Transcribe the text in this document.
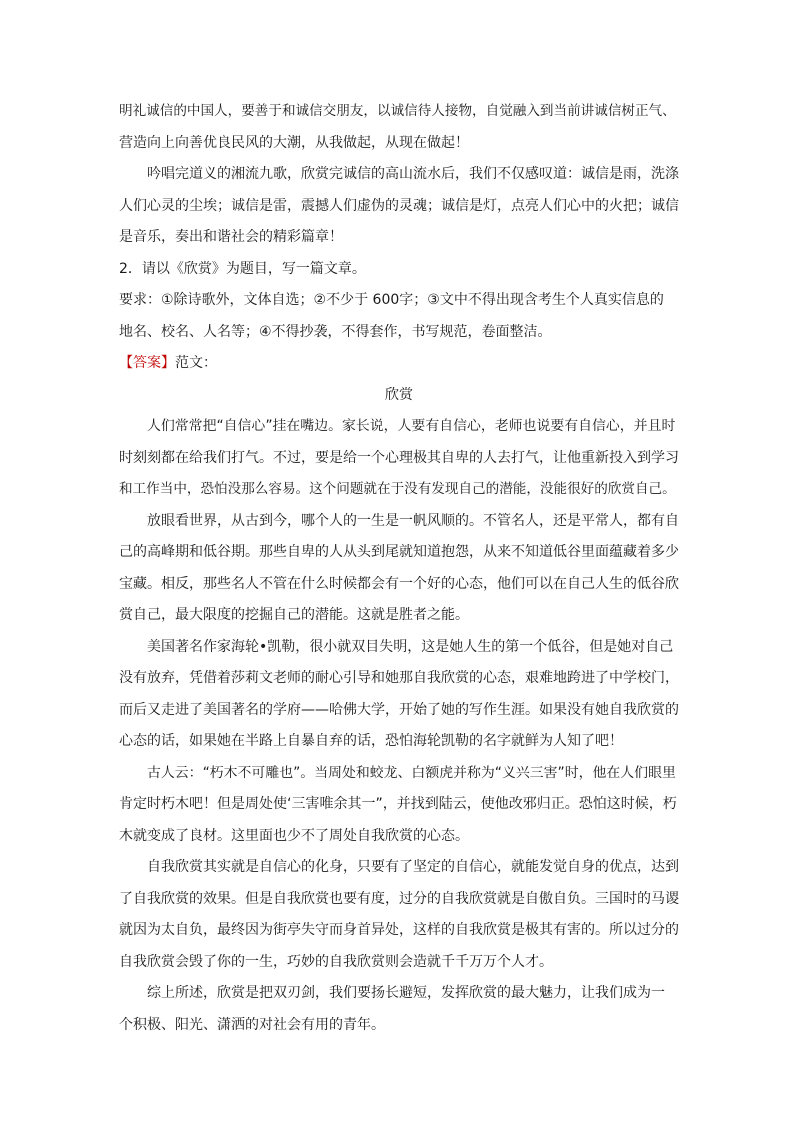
明礼诚信的中国人，要善于和诚信交朋友，以诚信待人接物，自觉融入到当前讲诚信树正气、

营造向上向善优良民风的大潮，从我做起，从现在做起！

吟唱完道义的湘流九歌，欣赏完诚信的高山流水后，我们不仅感叹道：诚信是雨，洗涤

人们心灵的尘埃；诚信是雷，震撼人们虚伪的灵魂；诚信是灯，点亮人们心中的火把；诚信

是音乐，奏出和谐社会的精彩篇章！

2．请以《欣赏》为题目，写一篇文章。

要求：①除诗歌外，文体自选；②不少于 600字；③文中不得出现含考生个人真实信息的

地名、校名、人名等；④不得抄袭，不得套作，书写规范，卷面整洁。

【答案】范文：

欣赏

人们常常把“自信心”挂在嘴边。家长说，人要有自信心，老师也说要有自信心，并且时

时刻刻都在给我们打气。不过，要是给一个心理极其自卑的人去打气，让他重新投入到学习

和工作当中，恐怕没那么容易。这个问题就在于没有发现自己的潜能，没能很好的欣赏自己。

放眼看世界，从古到今，哪个人的一生是一帆风顺的。不管名人，还是平常人，都有自

己的高峰期和低谷期。那些自卑的人从头到尾就知道抱怨，从来不知道低谷里面蕴藏着多少

宝藏。相反，那些名人不管在什么时候都会有一个好的心态，他们可以在自己人生的低谷欣

赏自己，最大限度的挖掘自己的潜能。这就是胜者之能。

美国著名作家海轮•凯勒，很小就双目失明，这是她人生的第一个低谷，但是她对自己

没有放弃，凭借着莎莉文老师的耐心引导和她那自我欣赏的心态，艰难地跨进了中学校门，

而后又走进了美国著名的学府——哈佛大学，开始了她的写作生涯。如果没有她自我欣赏的

心态的话，如果她在半路上自暴自弃的话，恐怕海轮凯勒的名字就鲜为人知了吧！

古人云：“朽木不可雕也”。当周处和蛟龙、白额虎并称为“义兴三害”时，他在人们眼里

肯定时朽木吧！但是周处使‘三害唯余其一”，并找到陆云，使他改邪归正。恐怕这时候，朽

木就变成了良材。这里面也少不了周处自我欣赏的心态。

自我欣赏其实就是自信心的化身，只要有了坚定的自信心，就能发觉自身的优点，达到

了自我欣赏的效果。但是自我欣赏也要有度，过分的自我欣赏就是自傲自负。三国时的马谡

就因为太自负，最终因为街亭失守而身首异处，这样的自我欣赏是极其有害的。所以过分的

自我欣赏会毁了你的一生，巧妙的自我欣赏则会造就千千万万个人才。

综上所述，欣赏是把双刃剑，我们要扬长避短，发挥欣赏的最大魅力，让我们成为一

个积极、阳光、潇洒的对社会有用的青年。
